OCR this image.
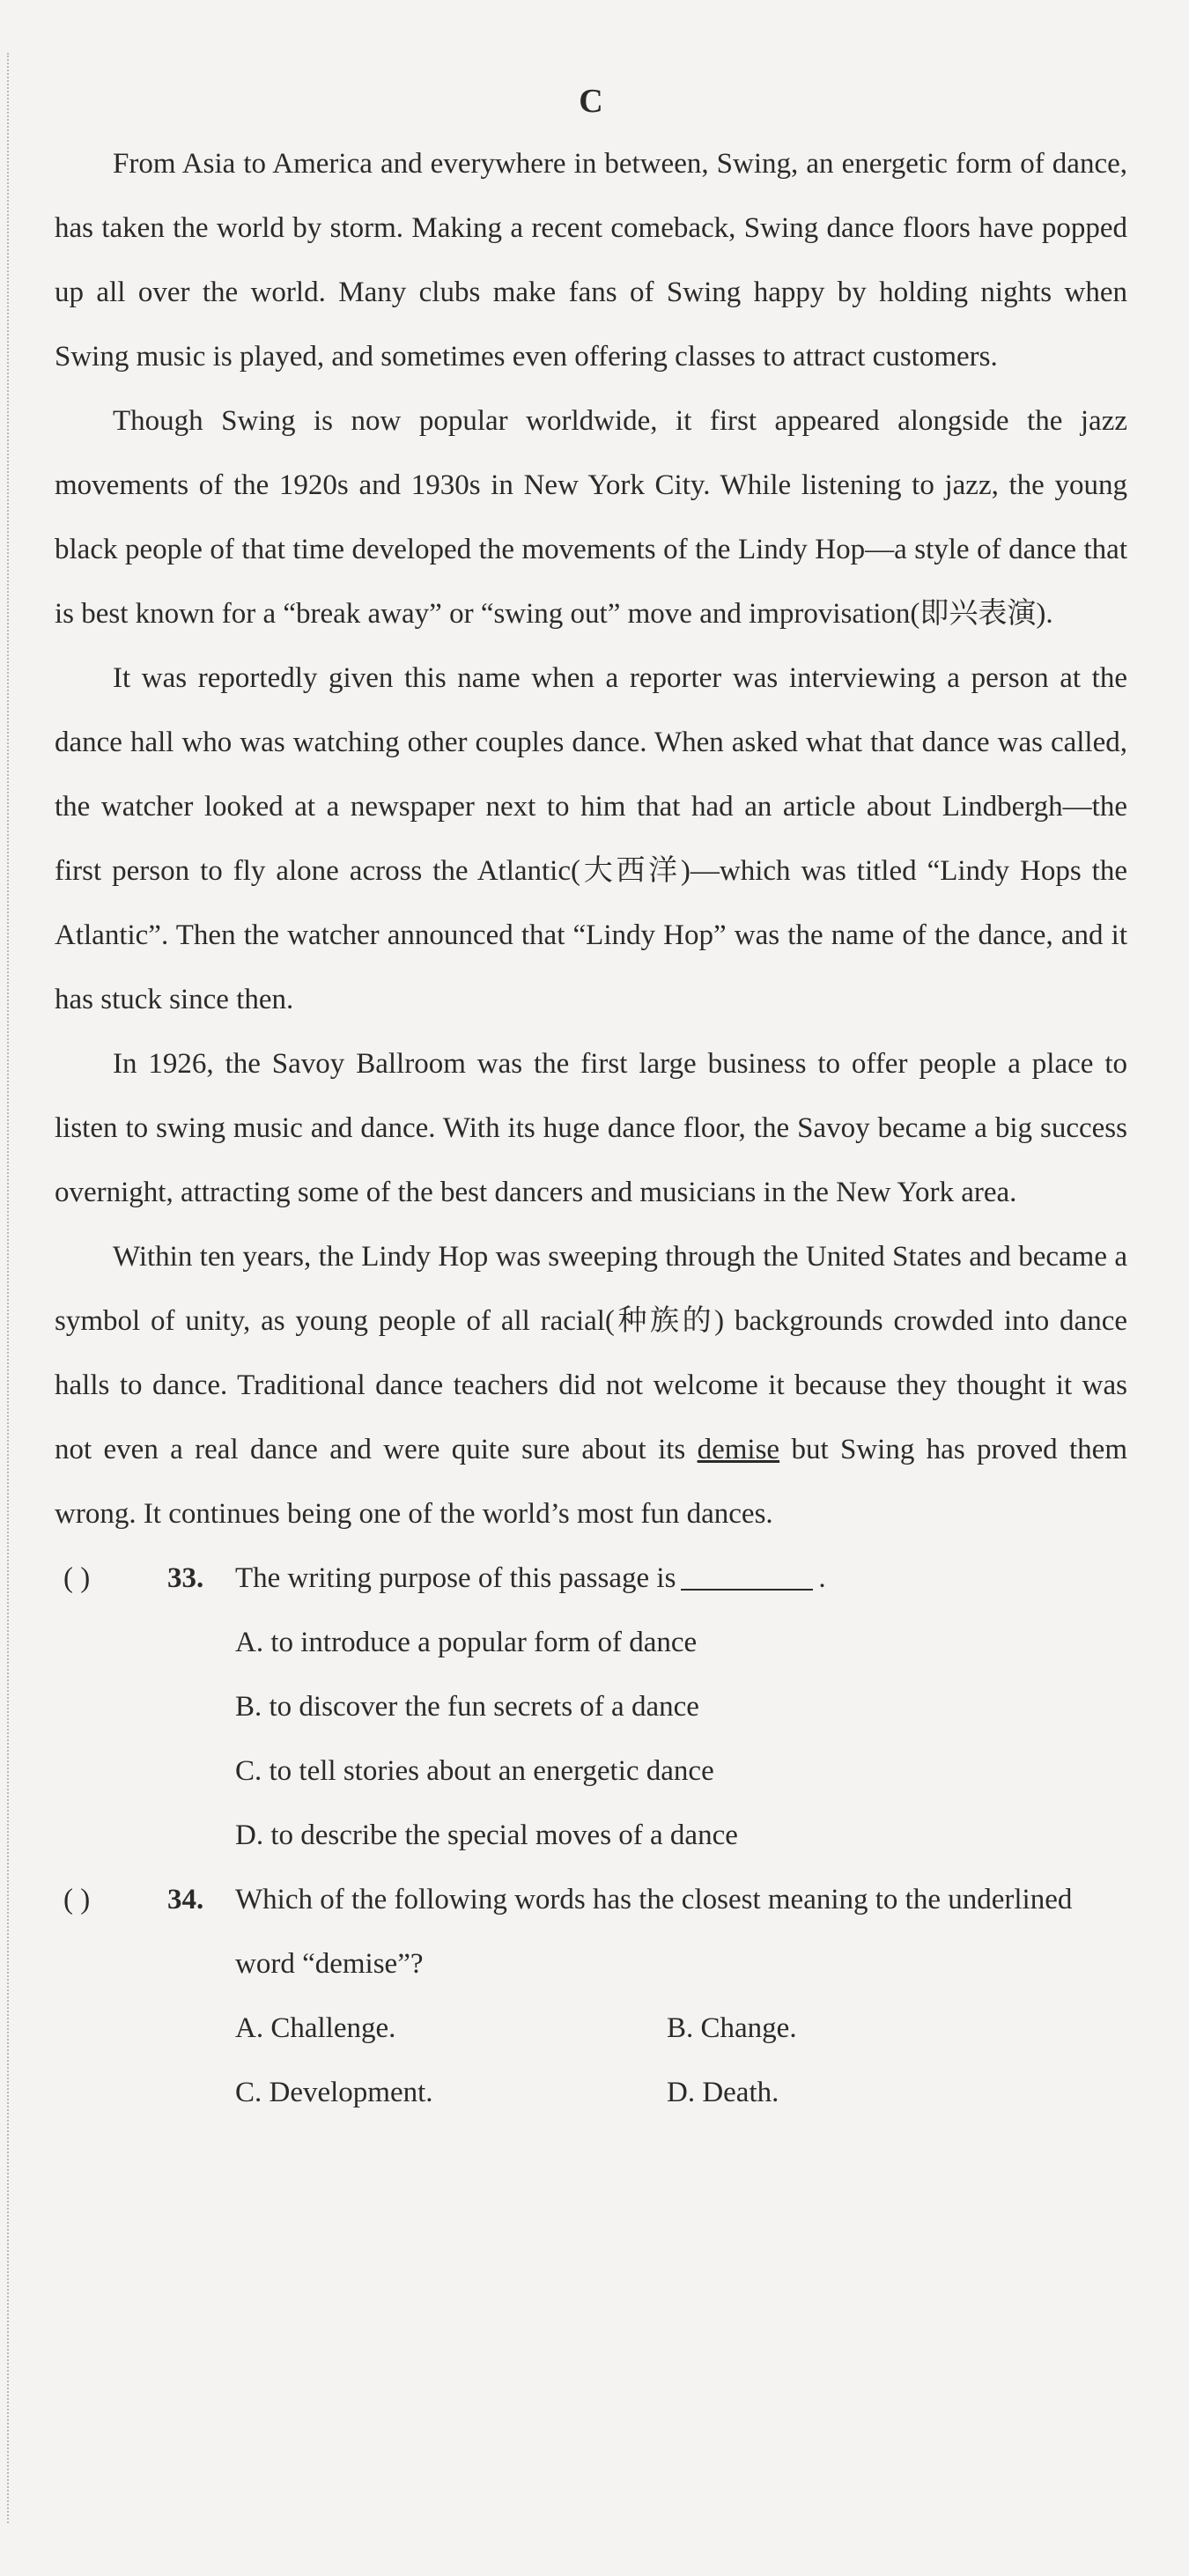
C

From Asia to America and everywhere in between, Swing, an energetic form of dance, has taken the world by storm. Making a recent comeback, Swing dance floors have popped up all over the world. Many clubs make fans of Swing happy by holding nights when Swing music is played, and sometimes even offering classes to attract customers.

Though Swing is now popular worldwide, it first appeared alongside the jazz movements of the 1920s and 1930s in New York City. While listening to jazz, the young black people of that time developed the movements of the Lindy Hop—a style of dance that is best known for a “break away” or “swing out” move and improvisation(即兴表演).

It was reportedly given this name when a reporter was interviewing a person at the dance hall who was watching other couples dance. When asked what that dance was called, the watcher looked at a newspaper next to him that had an article about Lindbergh—the first person to fly alone across the Atlantic(大西洋)—which was titled “Lindy Hops the Atlantic”. Then the watcher announced that “Lindy Hop” was the name of the dance, and it has stuck since then.

In 1926, the Savoy Ballroom was the first large business to offer people a place to listen to swing music and dance. With its huge dance floor, the Savoy became a big success overnight, attracting some of the best dancers and musicians in the New York area.

Within ten years, the Lindy Hop was sweeping through the United States and became a symbol of unity, as young people of all racial(种族的) backgrounds crowded into dance halls to dance. Traditional dance teachers did not welcome it because they thought it was not even a real dance and were quite sure about its demise but Swing has proved them wrong. It continues being one of the world’s most fun dances.

( )	33. The writing purpose of this passage is	.
A. to introduce a popular form of dance
B. to discover the fun secrets of a dance
C. to tell stories about an energetic dance
D. to describe the special moves of a dance
( )	34. Which of the following words has the closest meaning to the underlined word “demise”?
A. Challenge.	B. Change.
C. Development.	D. Death.
